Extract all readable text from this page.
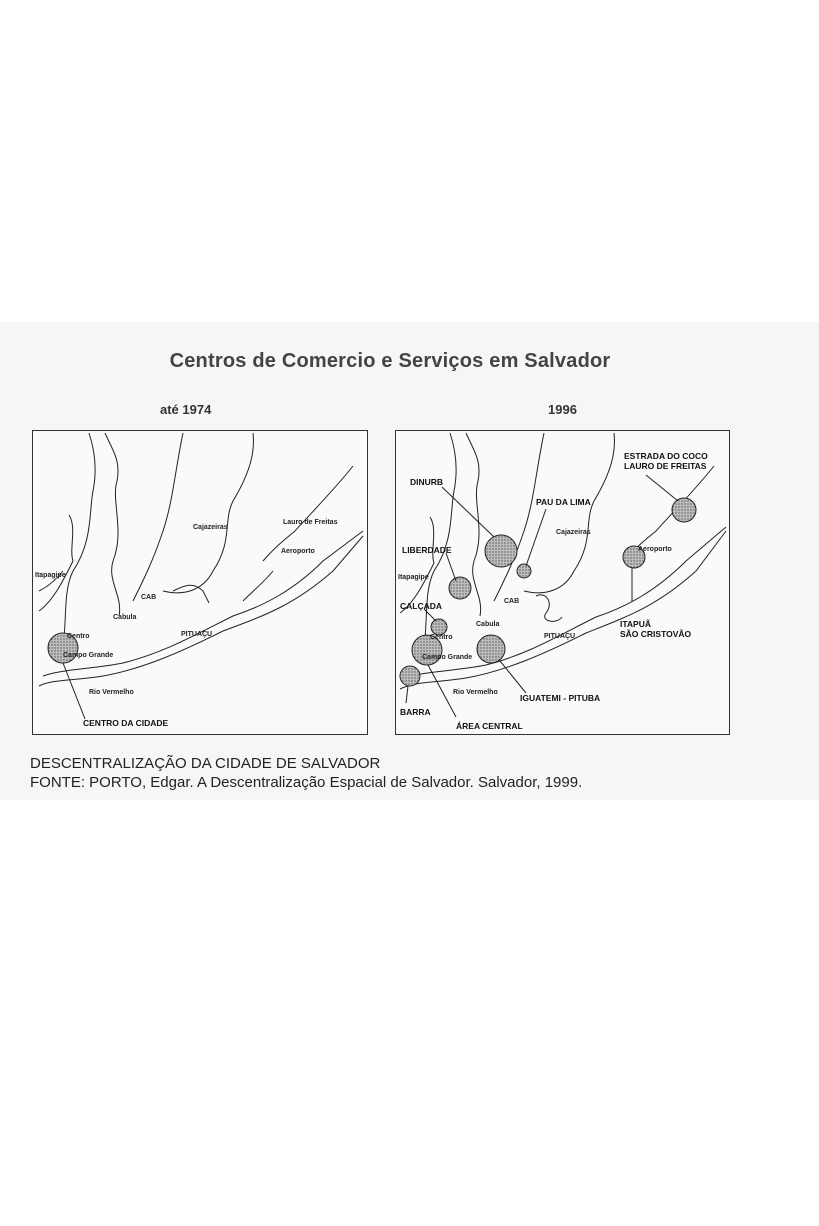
Centros de Comercio e Serviços em Salvador
até 1974	1996
Cajazeiras
Lauro de Freitas
Aeroporto
Itapagipe
CAB
Cabula
PITUAÇU
Centro
Campo Grande
Rio Vermelho
CENTRO DA CIDADE
Cajazeiras
Aeroporto
Itapagipe
CAB
Cabula
PITUAÇU
Centro
Campo Grande
Rio Vermelho
DINURB
PAU DA LIMA
ESTRADA DO COCO
LAURO DE FREITAS
LIBERDADE
CALÇADA
ITAPUÃ
SÃO CRISTOVÃO
IGUATEMI - PITUBA
BARRA
ÁREA CENTRAL
DESCENTRALIZAÇÃO DA CIDADE DE SALVADOR
FONTE: PORTO, Edgar. A Descentralização Espacial de Salvador. Salvador, 1999.
